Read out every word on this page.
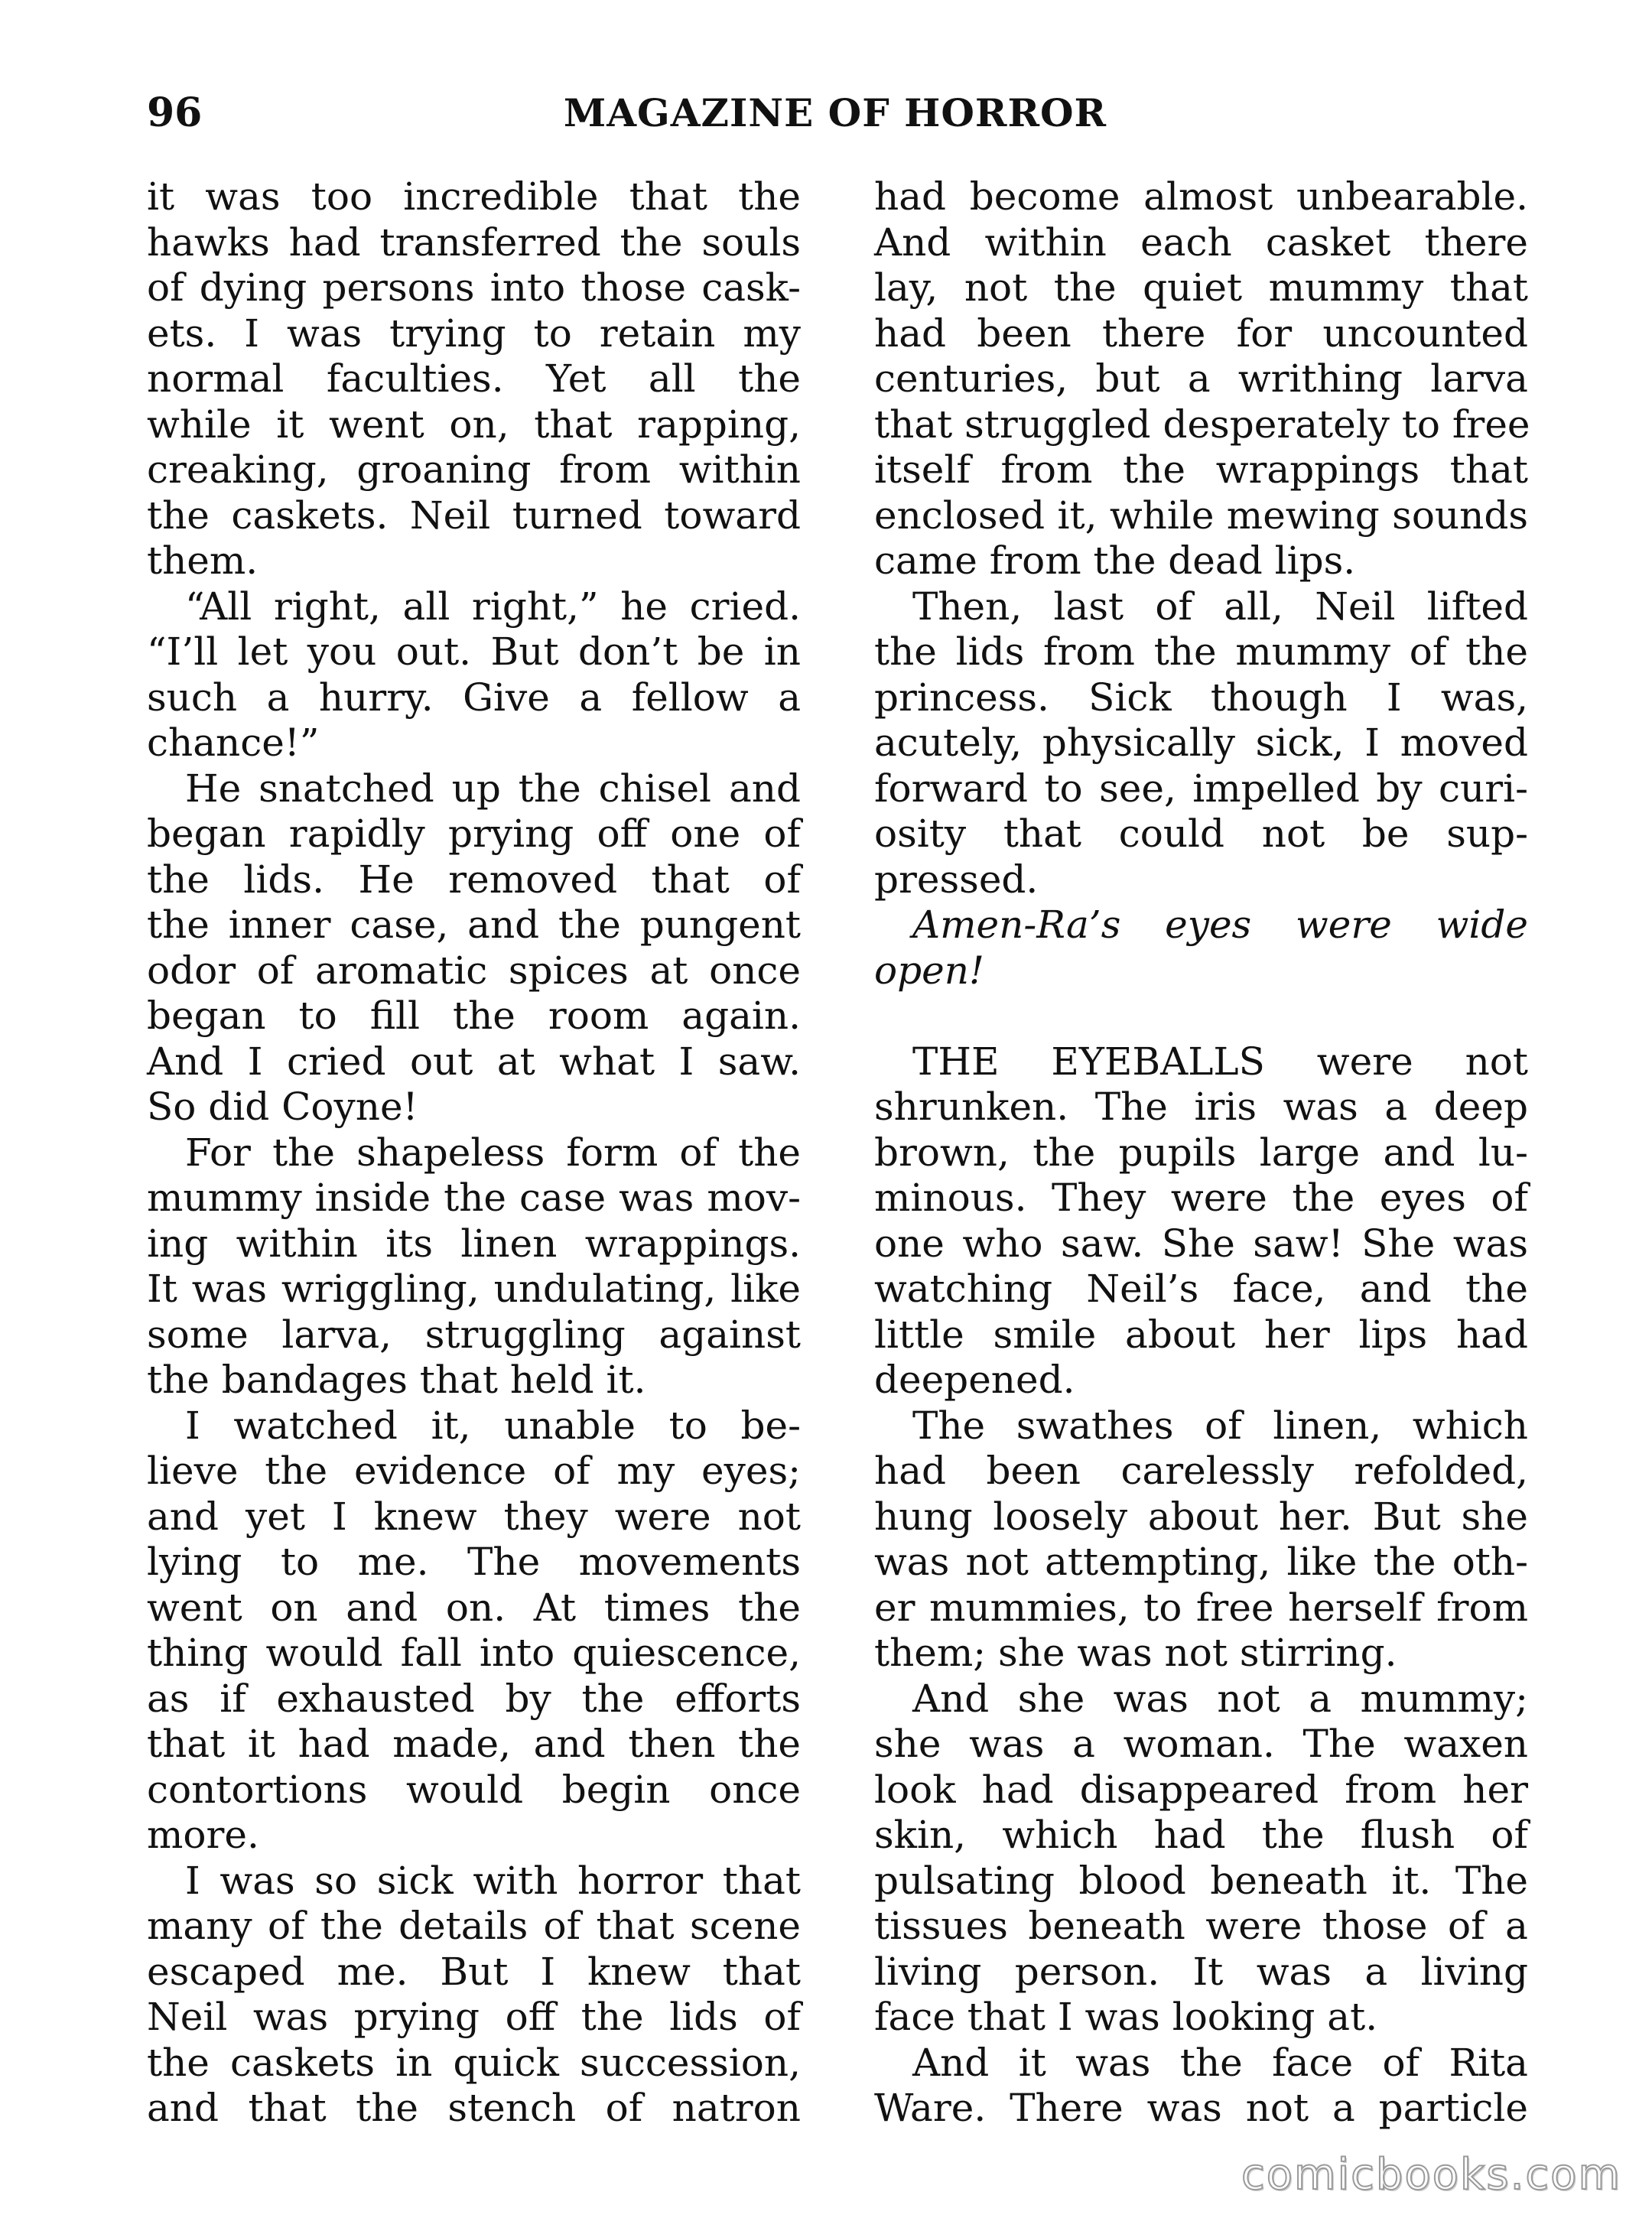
96	MAGAZINE OF HORROR
it was too incredible that the
hawks had transferred the souls
of dying persons into those cask-
ets. I was trying to retain my
normal faculties. Yet all the
while it went on, that rapping,
creaking, groaning from within
the caskets. Neil turned toward
them.
“All right, all right,” he cried.
“I’ll let you out. But don’t be in
such a hurry. Give a fellow a
chance!”
He snatched up the chisel and
began rapidly prying off one of
the lids. He removed that of
the inner case, and the pungent
odor of aromatic spices at once
began to fill the room again.
And I cried out at what I saw.
So did Coyne!
For the shapeless form of the
mummy inside the case was mov-
ing within its linen wrappings.
It was wriggling, undulating, like
some larva, struggling against
the bandages that held it.
I watched it, unable to be-
lieve the evidence of my eyes;
and yet I knew they were not
lying to me. The movements
went on and on. At times the
thing would fall into quiescence,
as if exhausted by the efforts
that it had made, and then the
contortions would begin once
more.
I was so sick with horror that
many of the details of that scene
escaped me. But I knew that
Neil was prying off the lids of
the caskets in quick succession,
and that the stench of natron
had become almost unbearable.
And within each casket there
lay, not the quiet mummy that
had been there for uncounted
centuries, but a writhing larva
that struggled desperately to free
itself from the wrappings that
enclosed it, while mewing sounds
came from the dead lips.
Then, last of all, Neil lifted
the lids from the mummy of the
princess. Sick though I was,
acutely, physically sick, I moved
forward to see, impelled by curi-
osity that could not be sup-
pressed.
Amen-Ra’s eyes were wide
open!
THE EYEBALLS were not
shrunken. The iris was a deep
brown, the pupils large and lu-
minous. They were the eyes of
one who saw. She saw! She was
watching Neil’s face, and the
little smile about her lips had
deepened.
The swathes of linen, which
had been carelessly refolded,
hung loosely about her. But she
was not attempting, like the oth-
er mummies, to free herself from
them; she was not stirring.
And she was not a mummy;
she was a woman. The waxen
look had disappeared from her
skin, which had the flush of
pulsating blood beneath it. The
tissues beneath were those of a
living person. It was a living
face that I was looking at.
And it was the face of Rita
Ware. There was not a particle
comicbooks.com
